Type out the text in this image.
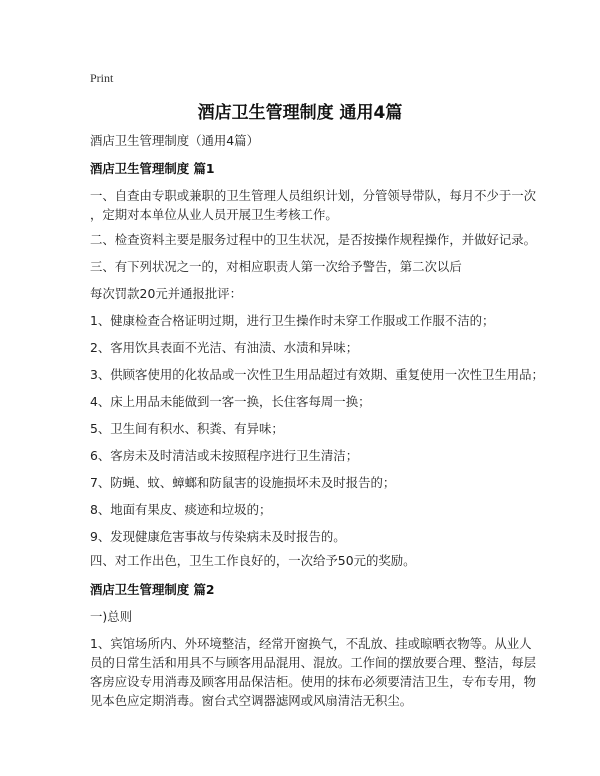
Print
酒店卫生管理制度 通用4篇
酒店卫生管理制度（通用4篇）
酒店卫生管理制度 篇1
一、自查由专职或兼职的卫生管理人员组织计划，分管领导带队，每月不少于一次
，定期对本单位从业人员开展卫生考核工作。
二、检查资料主要是服务过程中的卫生状况，是否按操作规程操作，并做好记录。
三、有下列状况之一的，对相应职责人第一次给予警告，第二次以后
每次罚款20元并通报批评：
1、健康检查合格证明过期，进行卫生操作时未穿工作服或工作服不洁的；
2、客用饮具表面不光洁、有油渍、水渍和异味；
3、供顾客使用的化妆品或一次性卫生用品超过有效期、重复使用一次性卫生用品；
4、床上用品未能做到一客一换，长住客每周一换；
5、卫生间有积水、积粪、有异味；
6、客房未及时清洁或未按照程序进行卫生清洁；
7、防蝇、蚊、蟑螂和防鼠害的设施损坏未及时报告的；
8、地面有果皮、痰迹和垃圾的；
9、发现健康危害事故与传染病未及时报告的。
四、对工作出色，卫生工作良好的，一次给予50元的奖励。
酒店卫生管理制度 篇2
一)总则
1、宾馆场所内、外环境整洁，经常开窗换气，不乱放、挂或晾晒衣物等。从业人
员的日常生活和用具不与顾客用品混用、混放。工作间的摆放要合理、整洁，每层
客房应设专用消毒及顾客用品保洁柜。使用的抹布必须要清洁卫生，专布专用，物
见本色应定期消毒。窗台式空调器滤网或风扇清洁无积尘。
